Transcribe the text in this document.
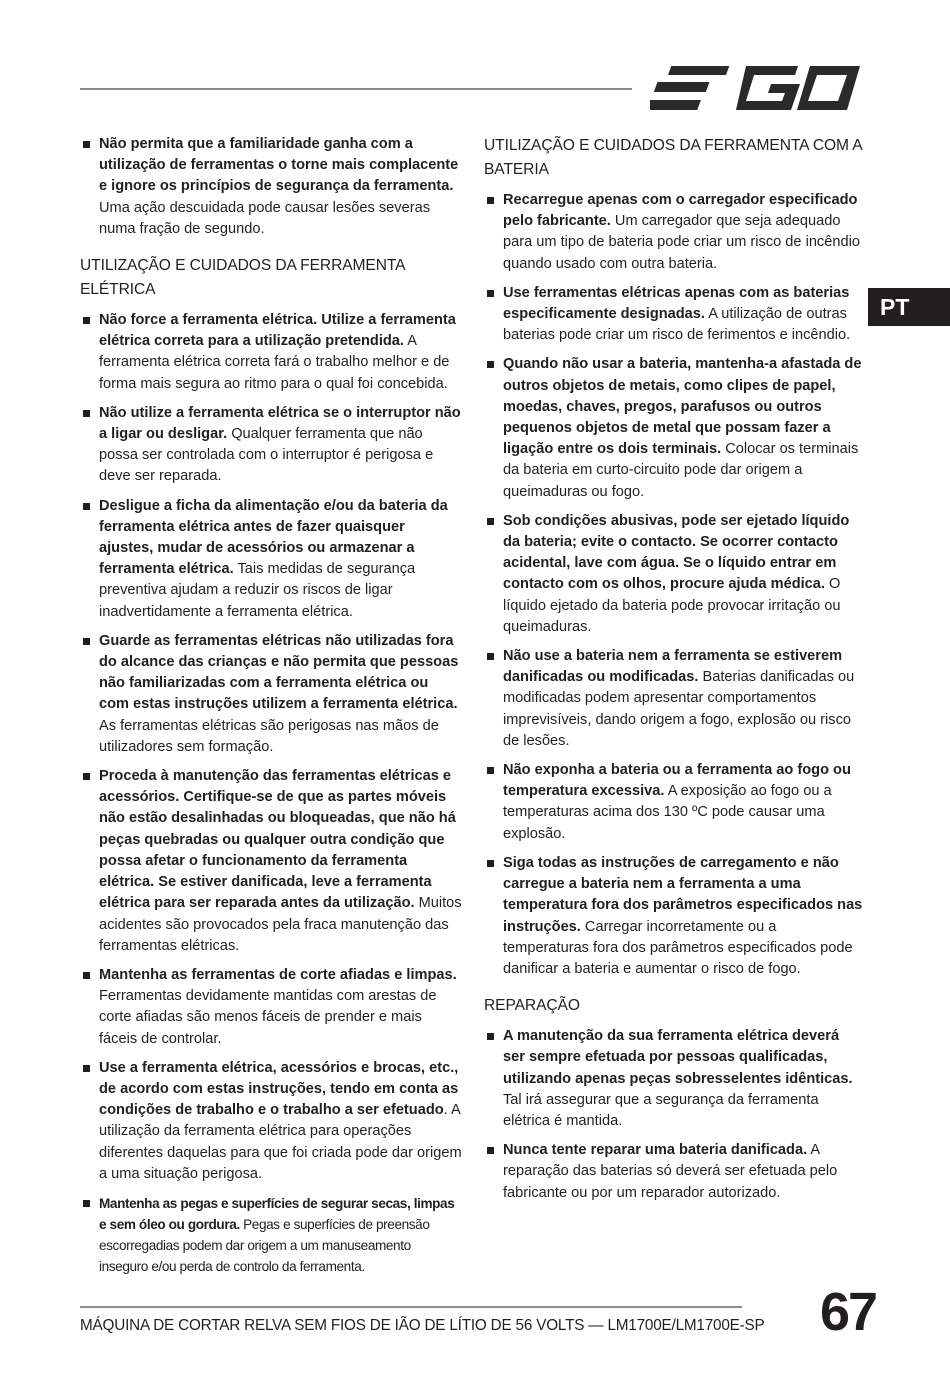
PT
Não permita que a familiaridade ganha com a utilização de ferramentas o torne mais complacente e ignore os princípios de segurança da ferramenta. Uma ação descuidada pode causar lesões severas numa fração de segundo.
UTILIZAÇÃO E CUIDADOS DA FERRAMENTA ELÉTRICA
Não force a ferramenta elétrica. Utilize a ferramenta elétrica correta para a utilização pretendida. A ferramenta elétrica correta fará o trabalho melhor e de forma mais segura ao ritmo para o qual foi concebida.
Não utilize a ferramenta elétrica se o interruptor não a ligar ou desligar. Qualquer ferramenta que não possa ser controlada com o interruptor é perigosa e deve ser reparada.
Desligue a ficha da alimentação e/ou da bateria da ferramenta elétrica antes de fazer quaisquer ajustes, mudar de acessórios ou armazenar a ferramenta elétrica. Tais medidas de segurança preventiva ajudam a reduzir os riscos de ligar inadvertidamente a ferramenta elétrica.
Guarde as ferramentas elétricas não utilizadas fora do alcance das crianças e não permita que pessoas não familiarizadas com a ferramenta elétrica ou com estas instruções utilizem a ferramenta elétrica. As ferramentas elétricas são perigosas nas mãos de utilizadores sem formação.
Proceda à manutenção das ferramentas elétricas e acessórios. Certifique-se de que as partes móveis não estão desalinhadas ou bloqueadas, que não há peças quebradas ou qualquer outra condição que possa afetar o funcionamento da ferramenta elétrica. Se estiver danificada, leve a ferramenta elétrica para ser reparada antes da utilização. Muitos acidentes são provocados pela fraca manutenção das ferramentas elétricas.
Mantenha as ferramentas de corte afiadas e limpas. Ferramentas devidamente mantidas com arestas de corte afiadas são menos fáceis de prender e mais fáceis de controlar.
Use a ferramenta elétrica, acessórios e brocas, etc., de acordo com estas instruções, tendo em conta as condições de trabalho e o trabalho a ser efetuado. A utilização da ferramenta elétrica para operações diferentes daquelas para que foi criada pode dar origem a uma situação perigosa.
Mantenha as pegas e superfícies de segurar secas, limpas e sem óleo ou gordura. Pegas e superfícies de preensão escorregadias podem dar origem a um manuseamento inseguro e/ou perda de controlo da ferramenta.
UTILIZAÇÃO E CUIDADOS DA FERRAMENTA COM A BATERIA
Recarregue apenas com o carregador especificado pelo fabricante. Um carregador que seja adequado para um tipo de bateria pode criar um risco de incêndio quando usado com outra bateria.
Use ferramentas elétricas apenas com as baterias especificamente designadas. A utilização de outras baterias pode criar um risco de ferimentos e incêndio.
Quando não usar a bateria, mantenha-a afastada de outros objetos de metais, como clipes de papel, moedas, chaves, pregos, parafusos ou outros pequenos objetos de metal que possam fazer a ligação entre os dois terminais. Colocar os terminais da bateria em curto-circuito pode dar origem a queimaduras ou fogo.
Sob condições abusivas, pode ser ejetado líquido da bateria; evite o contacto. Se ocorrer contacto acidental, lave com água. Se o líquido entrar em contacto com os olhos, procure ajuda médica. O líquido ejetado da bateria pode provocar irritação ou queimaduras.
Não use a bateria nem a ferramenta se estiverem danificadas ou modificadas. Baterias danificadas ou modificadas podem apresentar comportamentos imprevisíveis, dando origem a fogo, explosão ou risco de lesões.
Não exponha a bateria ou a ferramenta ao fogo ou temperatura excessiva. A exposição ao fogo ou a temperaturas acima dos 130 ºC pode causar uma explosão.
Siga todas as instruções de carregamento e não carregue a bateria nem a ferramenta a uma temperatura fora dos parâmetros especificados nas instruções. Carregar incorretamente ou a temperaturas fora dos parâmetros especificados pode danificar a bateria e aumentar o risco de fogo.
REPARAÇÃO
A manutenção da sua ferramenta elétrica deverá ser sempre efetuada por pessoas qualificadas, utilizando apenas peças sobresselentes idênticas. Tal irá assegurar que a segurança da ferramenta elétrica é mantida.
Nunca tente reparar uma bateria danificada. A reparação das baterias só deverá ser efetuada pelo fabricante ou por um reparador autorizado.
MÁQUINA DE CORTAR RELVA SEM FIOS DE IÃO DE LÍTIO DE 56 VOLTS — LM1700E/LM1700E-SP 67
